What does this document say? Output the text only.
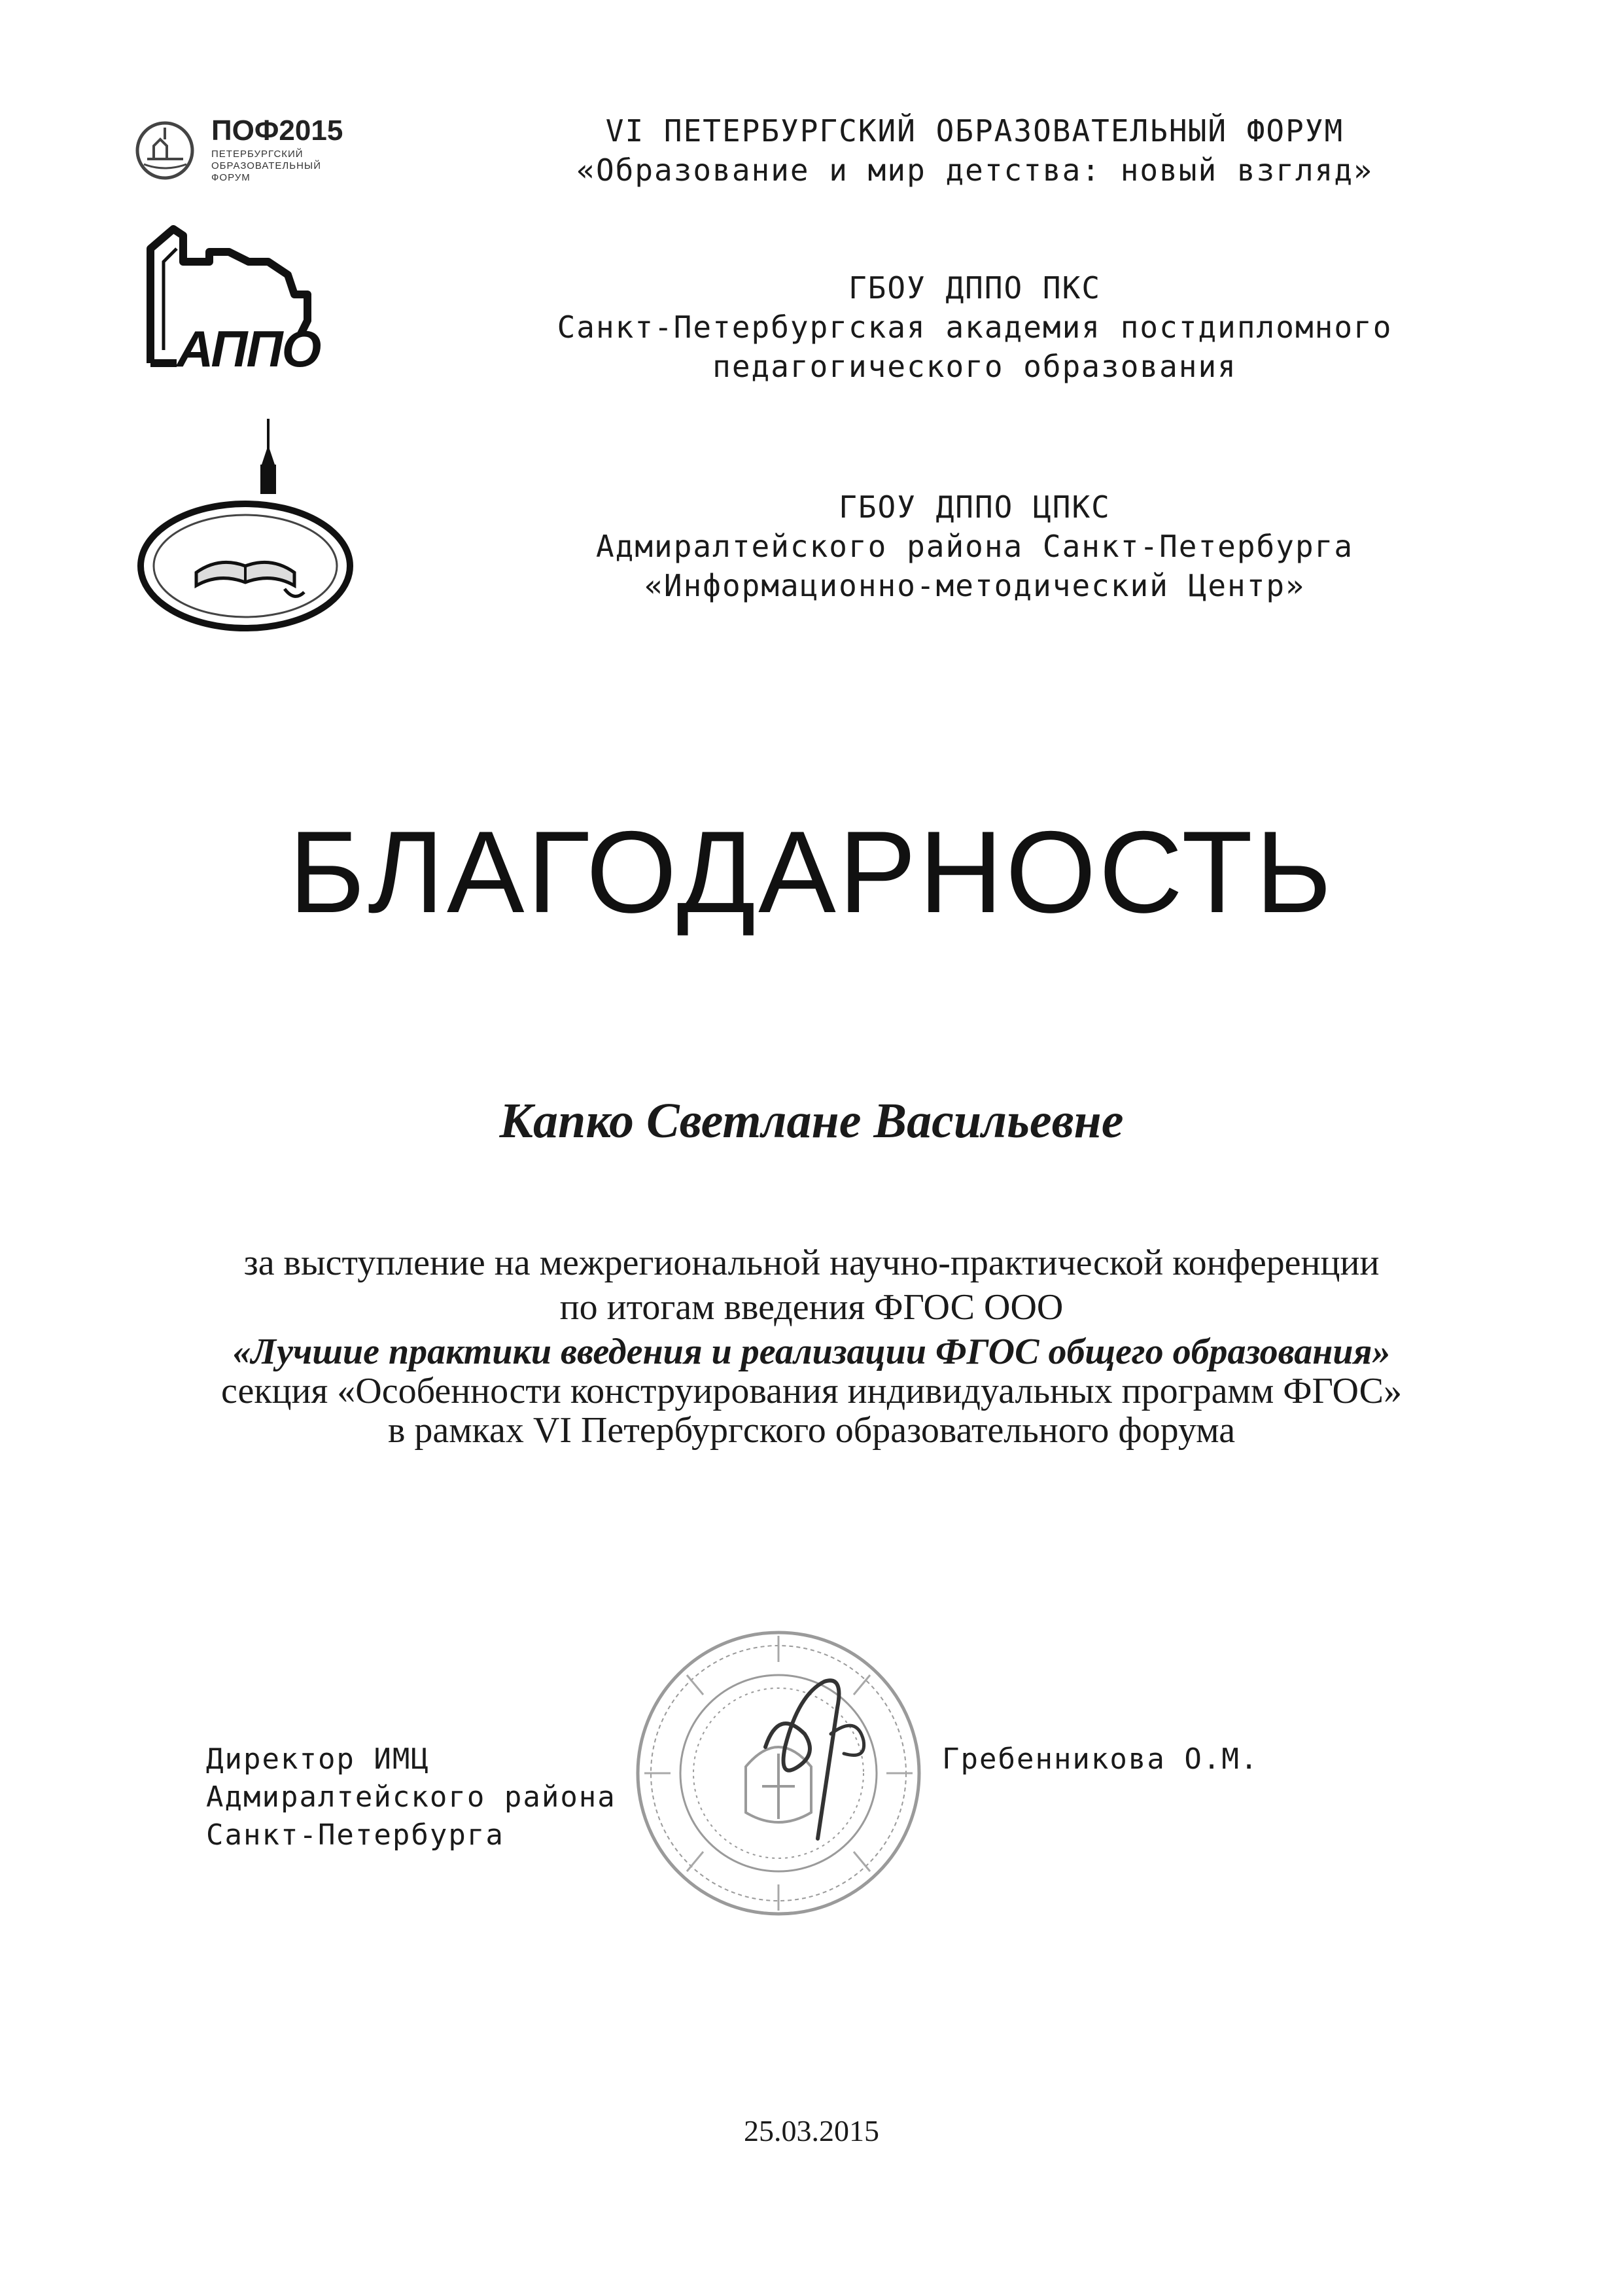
ПОФ2015
ПЕТЕРБУРГСКИЙ
ОБРАЗОВАТЕЛЬНЫЙ
ФОРУМ
АППО
VI ПЕТЕРБУРГСКИЙ ОБРАЗОВАТЕЛЬНЫЙ ФОРУМ
«Образование и мир детства: новый взгляд»
ГБОУ ДППО ПКС
Санкт-Петербургская академия постдипломного
педагогического образования
ГБОУ ДППО ЦПКС
Адмиралтейского района Санкт-Петербурга
«Информационно-методический Центр»
БЛАГОДАРНОСТЬ
Капко Светлане Васильевне
за выступление на межрегиональной научно-практической конференции
по итогам введения ФГОС ООО
«Лучшие практики введения и реализации ФГОС общего образования»
секция «Особенности конструирования индивидуальных программ ФГОС»
в рамках VI Петербургского образовательного форума
Директор ИМЦ
Адмиралтейского района
Санкт-Петербурга
Гребенникова О.М.
25.03.2015
